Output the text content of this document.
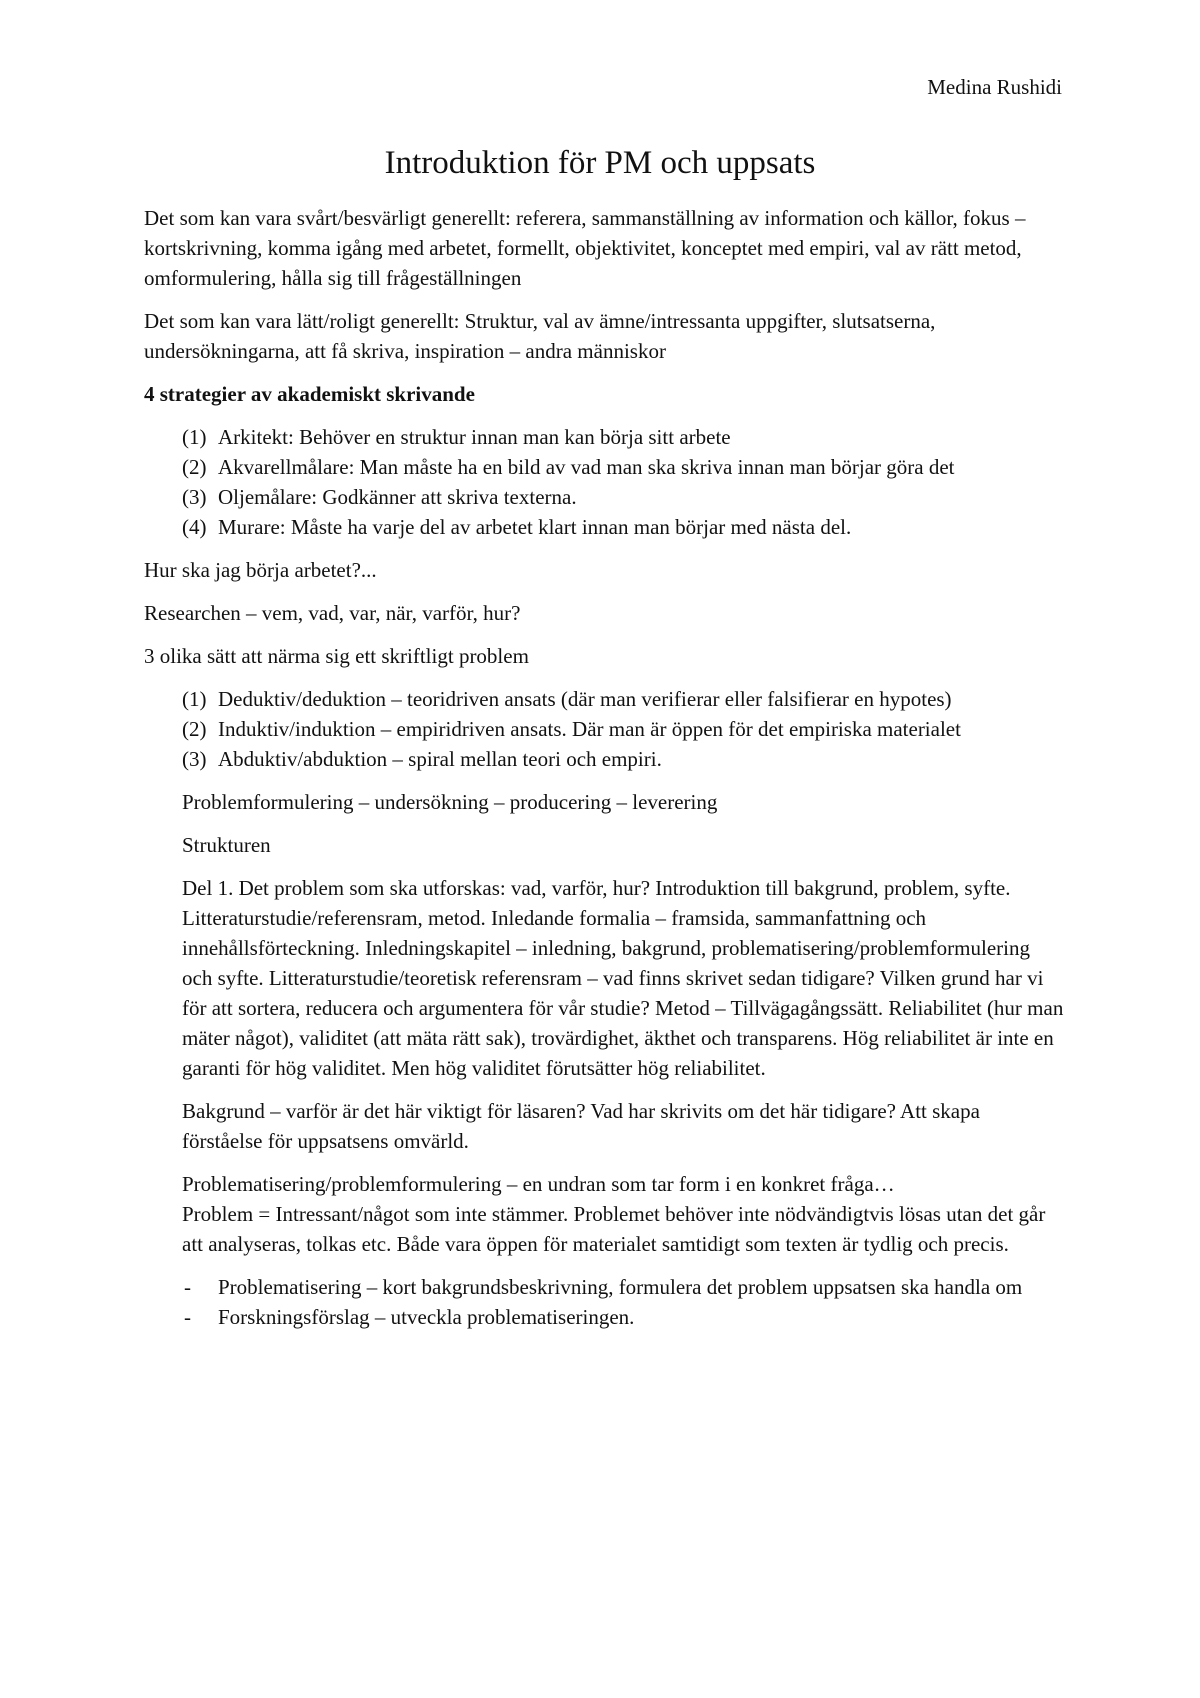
Medina Rushidi
Introduktion för PM och uppsats

Det som kan vara svårt/besvärligt generellt: referera, sammanställning av information och källor, fokus – kortskrivning, komma igång med arbetet, formellt, objektivitet, konceptet med empiri, val av rätt metod, omformulering, hålla sig till frågeställningen

Det som kan vara lätt/roligt generellt: Struktur, val av ämne/intressanta uppgifter, slutsatserna, undersökningarna, att få skriva, inspiration – andra människor

4 strategier av akademiskt skrivande

(1) Arkitekt: Behöver en struktur innan man kan börja sitt arbete
(2) Akvarellmålare: Man måste ha en bild av vad man ska skriva innan man börjar göra det
(3) Oljemålare: Godkänner att skriva texterna.
(4) Murare: Måste ha varje del av arbetet klart innan man börjar med nästa del.

Hur ska jag börja arbetet?...

Researchen – vem, vad, var, när, varför, hur?

3 olika sätt att närma sig ett skriftligt problem

(1) Deduktiv/deduktion – teoridriven ansats (där man verifierar eller falsifierar en hypotes)
(2) Induktiv/induktion – empiridriven ansats. Där man är öppen för det empiriska materialet
(3) Abduktiv/abduktion – spiral mellan teori och empiri.

Problemformulering – undersökning – producering – leverering

Strukturen

Del 1. Det problem som ska utforskas: vad, varför, hur? Introduktion till bakgrund, problem, syfte. Litteraturstudie/referensram, metod. Inledande formalia – framsida, sammanfattning och innehållsförteckning. Inledningskapitel – inledning, bakgrund, problematisering/problemformulering och syfte. Litteraturstudie/teoretisk referensram – vad finns skrivet sedan tidigare? Vilken grund har vi för att sortera, reducera och argumentera för vår studie? Metod – Tillvägagångssätt. Reliabilitet (hur man mäter något), validitet (att mäta rätt sak), trovärdighet, äkthet och transparens. Hög reliabilitet är inte en garanti för hög validitet. Men hög validitet förutsätter hög reliabilitet.

Bakgrund – varför är det här viktigt för läsaren? Vad har skrivits om det här tidigare? Att skapa förståelse för uppsatsens omvärld.

Problematisering/problemformulering – en undran som tar form i en konkret fråga…
Problem = Intressant/något som inte stämmer. Problemet behöver inte nödvändigtvis lösas utan det går att analyseras, tolkas etc. Både vara öppen för materialet samtidigt som texten är tydlig och precis.

- Problematisering – kort bakgrundsbeskrivning, formulera det problem uppsatsen ska handla om
- Forskningsförslag – utveckla problematiseringen.
